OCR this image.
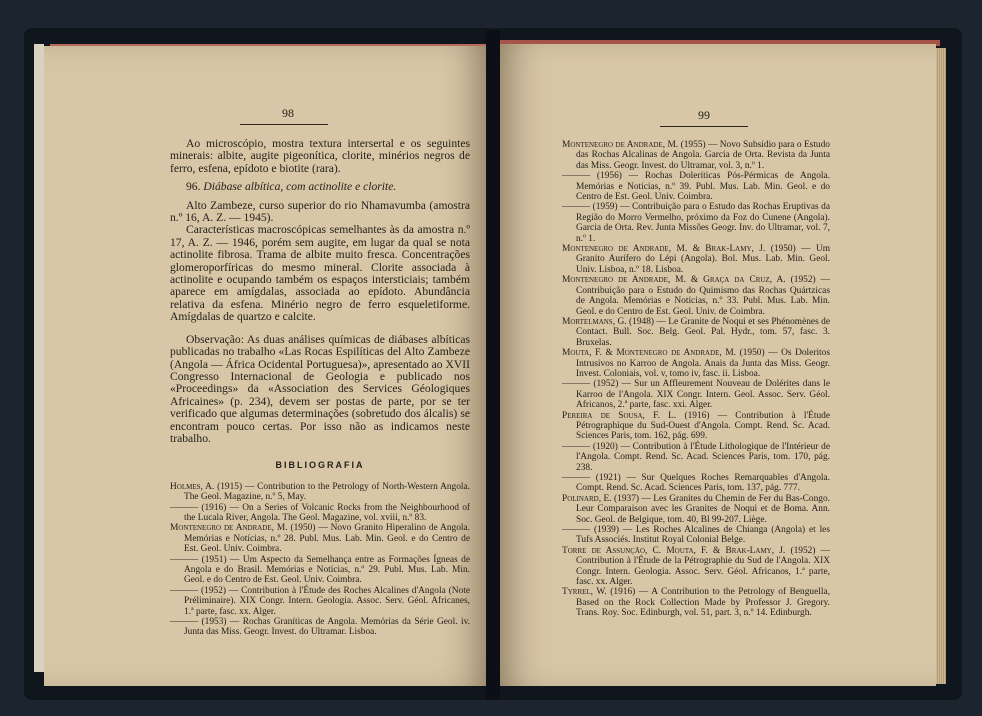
98

Ao microscópio, mostra textura intersertal e os seguintes minerais: albite, augite pigeonítica, clorite, minérios negros de ferro, esfena, epídoto e biotite (rara).

96. Diábase albítica, com actinolite e clorite.

Alto Zambeze, curso superior do rio Nhamavumba (amostra n.º 16, A. Z. — 1945).

Características macroscópicas semelhantes às da amostra n.º 17, A. Z. — 1946, porém sem augite, em lugar da qual se nota actinolite fibrosa. Trama de albite muito fresca. Concentrações glomeroporfíricas do mesmo mineral. Clorite associada à actinolite e ocupando também os espaços intersticiais; também aparece em amígdalas, associada ao epídoto. Abundância relativa da esfena. Minério negro de ferro esqueletiforme. Amígdalas de quartzo e calcite.

Observação: As duas análises químicas de diábases albíticas publicadas no trabalho «Las Rocas Espilíticas del Alto Zambeze (Angola — África Ocidental Portuguesa)», apresentado ao XVII Congresso Internacional de Geologia e publicado nos «Proceedings» da «Association des Services Géologiques Africaines» (p. 234), devem ser postas de parte, por se ter verificado que algumas determinações (sobretudo dos álcalis) se encontram pouco certas. Por isso não as indicamos neste trabalho.

BIBLIOGRAFIA

Holmes, A. (1915) — Contribution to the Petrology of North-Western Angola. The Geol. Magazine, n.º 5, May.

——— (1916) — On a Series of Volcanic Rocks from the Neighbourhood of the Lucala River, Angola. The Geol. Magazine, vol. xviii, n.º 83.

Montenegro de Andrade, M. (1950) — Novo Granito Hiperalino de Angola. Memórias e Notícias, n.º 28. Publ. Mus. Lab. Min. Geol. e do Centro de Est. Geol. Univ. Coimbra.

——— (1951) — Um Aspecto da Semelhança entre as Formações Ígneas de Angola e do Brasil. Memórias e Notícias, n.º 29. Publ. Mus. Lab. Min. Geol. e do Centro de Est. Geol. Univ. Coimbra.

——— (1952) — Contribution à l'Étude des Roches Alcalines d'Angola (Note Préliminaire). XIX Congr. Intern. Geologia. Assoc. Serv. Géol. Africanes, 1.ª parte, fasc. xx. Alger.

——— (1953) — Rochas Graníticas de Angola. Memórias da Série Geol. iv. Junta das Miss. Geogr. Invest. do Ultramar. Lisboa.

99

Montenegro de Andrade, M. (1955) — Novo Subsídio para o Estudo das Rochas Alcalinas de Angola. Garcia de Orta. Revista da Junta das Miss. Geogr. Invest. do Ultramar, vol. 3, n.º 1.

——— (1956) — Rochas Doleríticas Pós-Pérmicas de Angola. Memórias e Notícias, n.º 39. Publ. Mus. Lab. Min. Geol. e do Centro de Est. Geol. Univ. Coimbra.

——— (1959) — Contribuição para o Estudo das Rochas Eruptivas da Região do Morro Vermelho, próximo da Foz do Cunene (Angola). Garcia de Orta. Rev. Junta Missões Geogr. Inv. do Ultramar, vol. 7, n.º 1.

Montenegro de Andrade, M. & Brak-Lamy, J. (1950) — Um Granito Aurífero do Lépi (Angola). Bol. Mus. Lab. Min. Geol. Univ. Lisboa, n.º 18. Lisboa.

Montenegro de Andrade, M. & Graça da Cruz, A. (1952) — Contribuição para o Estudo do Quimismo das Rochas Quártzicas de Angola. Memórias e Notícias, n.º 33. Publ. Mus. Lab. Min. Geol. e do Centro de Est. Geol. Univ. de Coimbra.

Mortelmans, G. (1948) — Le Granite de Noqui et ses Phénomènes de Contact. Bull. Soc. Belg. Geol. Pal. Hydr., tom. 57, fasc. 3. Bruxelas.

Mouta, F. & Montenegro de Andrade, M. (1950) — Os Doleritos Intrusivos no Karroo de Angola. Anais da Junta das Miss. Geogr. Invest. Coloniais, vol. v, tomo iv, fasc. ii. Lisboa.

——— (1952) — Sur un Affleurement Nouveau de Dolérites dans le Karroo de l'Angola. XIX Congr. Intern. Geol. Assoc. Serv. Géol. Africanos, 2.ª parte, fasc. xxi. Alger.

Pereira de Sousa, F. L. (1916) — Contribution à l'Étude Pétrographique du Sud-Ouest d'Angola. Compt. Rend. Sc. Acad. Sciences Paris, tom. 162, pág. 699.

——— (1920) — Contribution à l'Étude Lithologique de l'Intérieur de l'Angola. Compt. Rend. Sc. Acad. Sciences Paris, tom. 170, pág. 238.

——— (1921) — Sur Quelques Roches Remarquables d'Angola. Compt. Rend. Sc. Acad. Sciences Paris, tom. 137, pág. 777.

Polinard, E. (1937) — Les Granites du Chemin de Fer du Bas-Congo. Leur Comparaison avec les Granites de Noqui et de Boma. Ann. Soc. Geol. de Belgique, tom. 40, Bl 99-207. Liège.

——— (1939) — Les Roches Alcalines de Chianga (Angola) et les Tufs Associés. Institut Royal Colonial Belge.

Torre de Assunção, C. Mouta, F. & Brak-Lamy, J. (1952) — Contribution à l'Étude de la Pétrographie du Sud de l'Angola. XIX Congr. Intern. Geologia. Assoc. Serv. Géol. Africanos, 1.ª parte, fasc. xx. Alger.

Tyrrel, W. (1916) — A Contribution to the Petrology of Benguella, Based on the Rock Collection Made by Professor J. Gregory. Trans. Roy. Soc. Edinburgh, vol. 51, part. 3, n.º 14. Edinburgh.
